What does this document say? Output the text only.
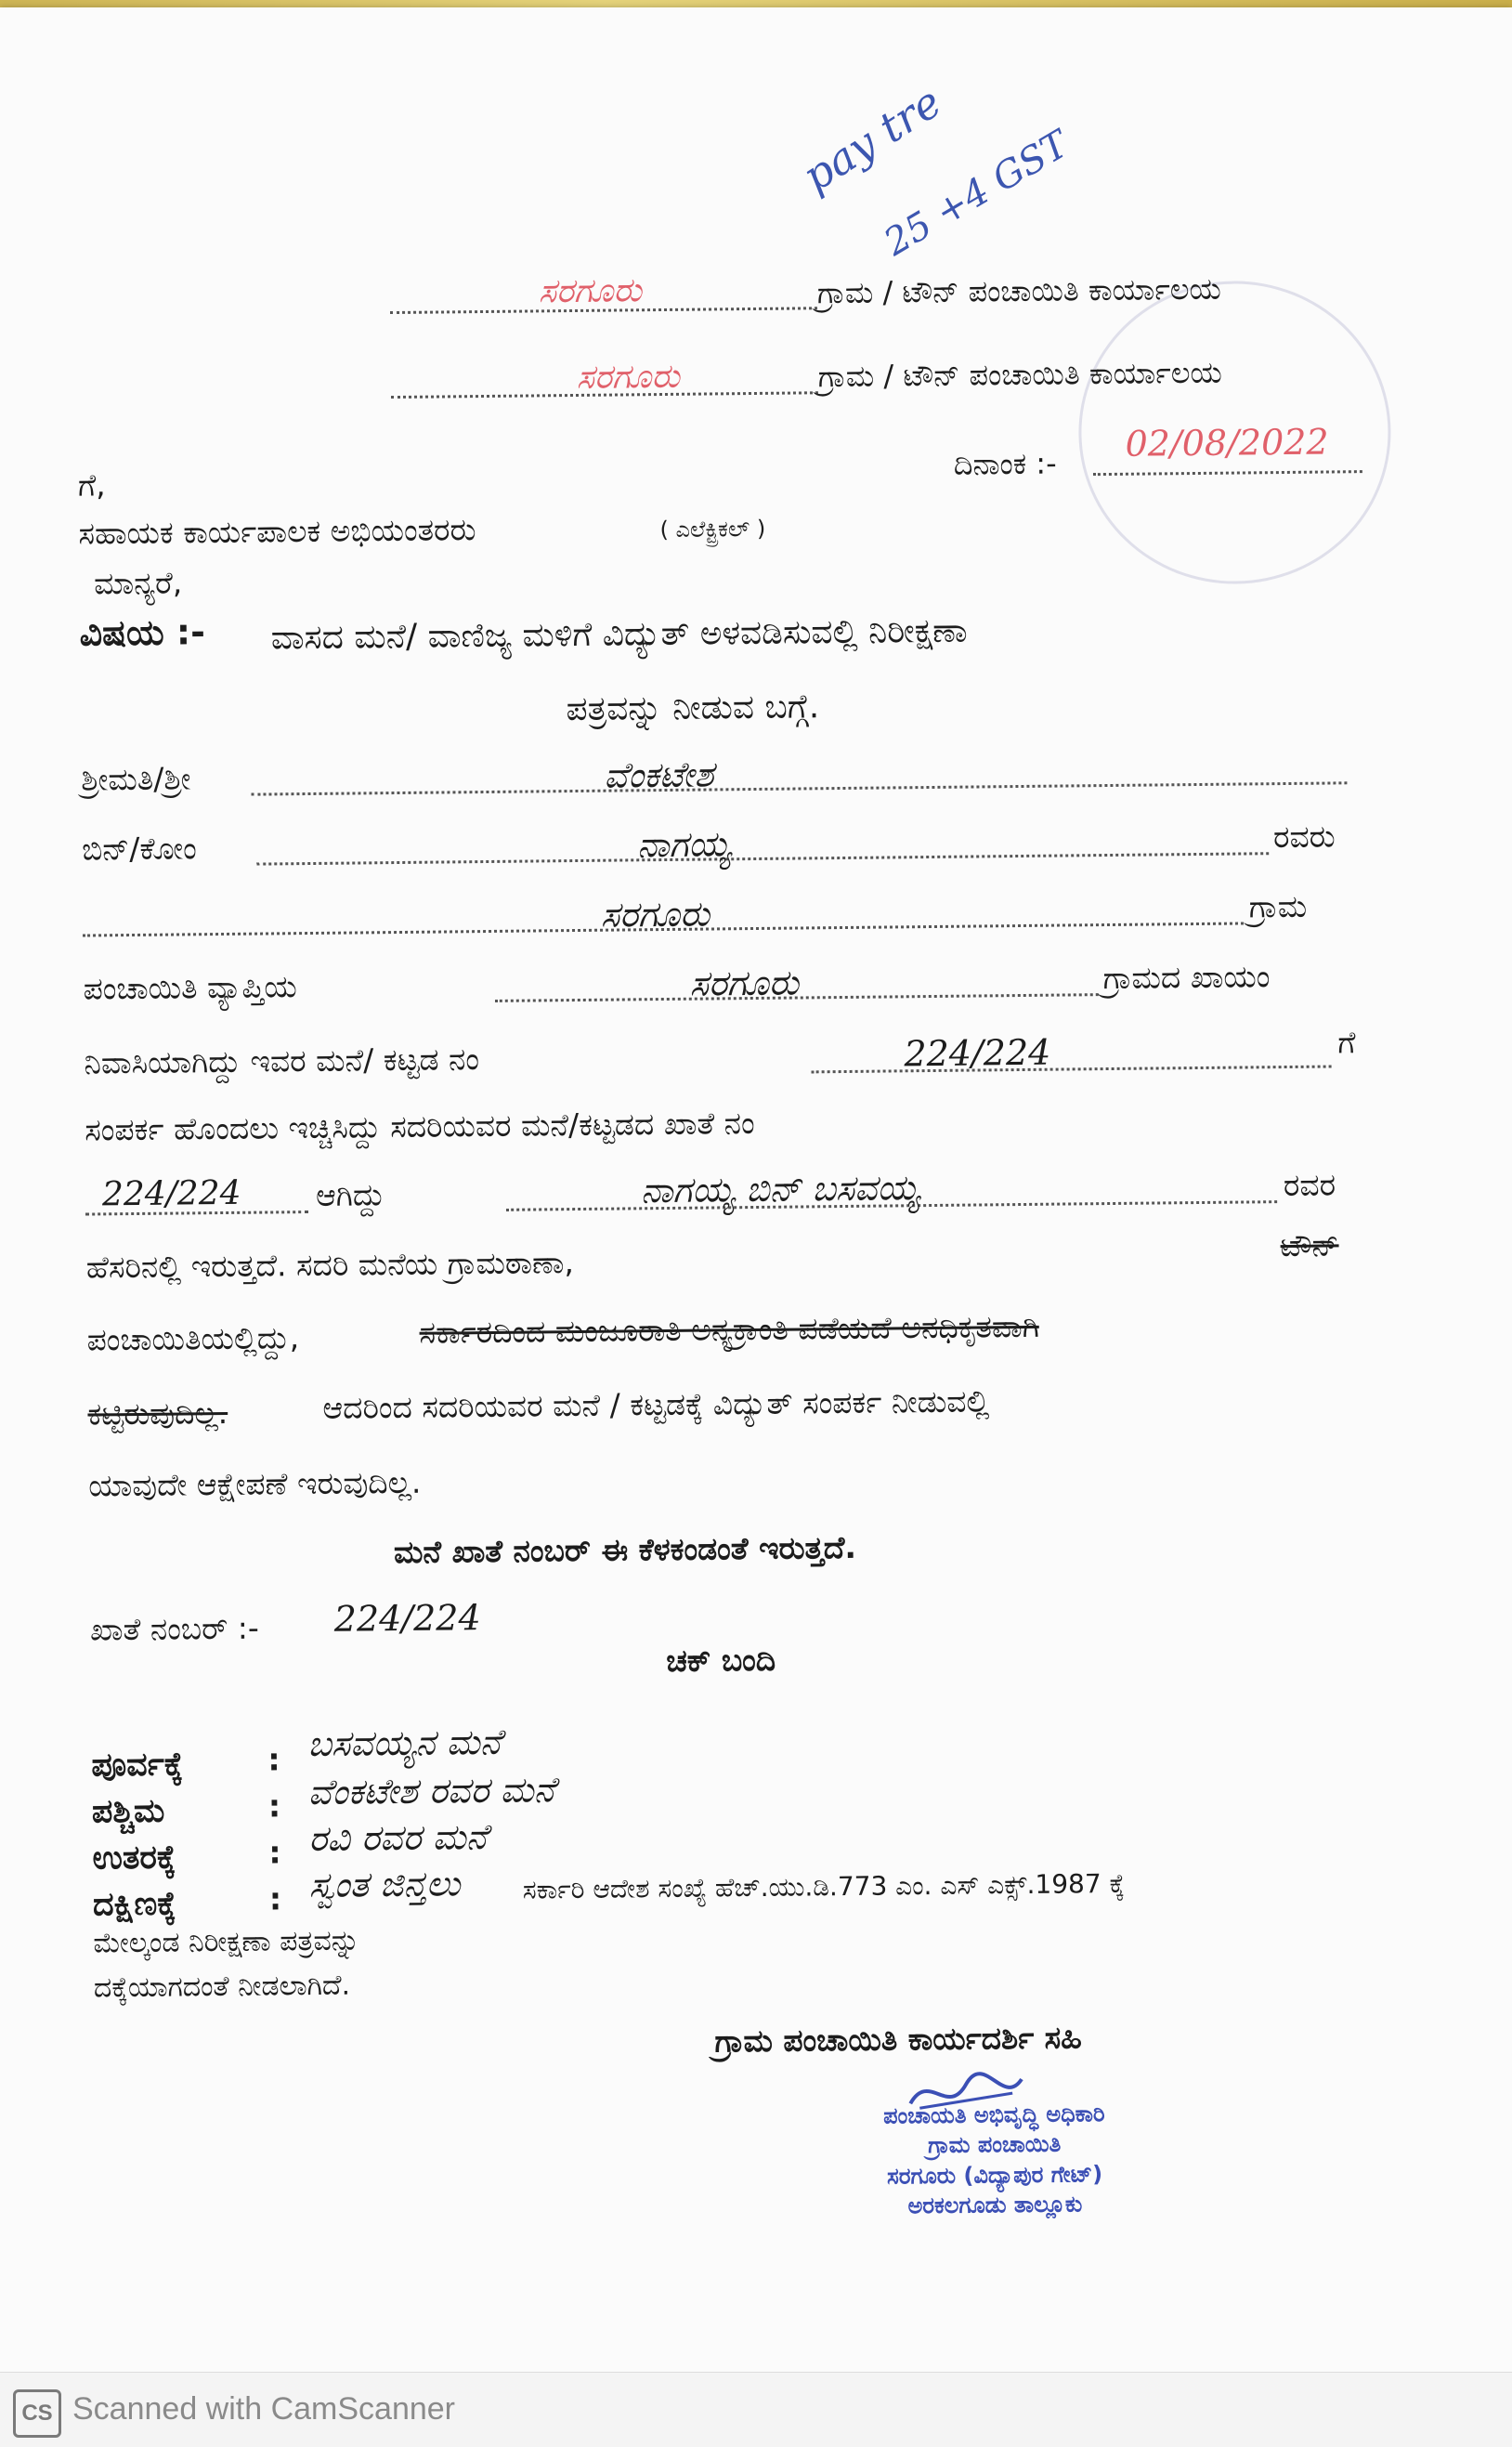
pay tre
25 +4 GST
ಸರಗೂರು	ಗ್ರಾಮ / ಟೌನ್ ಪಂಚಾಯಿತಿ ಕಾರ್ಯಾಲಯ
ಸರಗೂರು	ಗ್ರಾಮ / ಟೌನ್ ಪಂಚಾಯಿತಿ ಕಾರ್ಯಾಲಯ
ದಿನಾಂಕ :- 02/08/2022
ಗೆ,
ಸಹಾಯಕ ಕಾರ್ಯಪಾಲಕ ಅಭಿಯಂತರರು	( ಎಲೆಕ್ಟ್ರಿಕಲ್ )
ಮಾನ್ಯರೆ,
ವಿಷಯ :- ವಾಸದ ಮನೆ/ ವಾಣಿಜ್ಯ ಮಳಿಗೆ ವಿದ್ಯುತ್ ಅಳವಡಿಸುವಲ್ಲಿ ನಿರೀಕ್ಷಣಾ
ಪತ್ರವನ್ನು ನೀಡುವ ಬಗ್ಗೆ.
ಶ್ರೀಮತಿ/ಶ್ರೀ	ವೆಂಕಟೇಶ
ಬಿನ್/ಕೋಂ	ನಾಗಯ್ಯ	ರವರು
ಸರಗೂರು	ಗ್ರಾಮ
ಪಂಚಾಯಿತಿ ವ್ಯಾಪ್ತಿಯ	ಸರಗೂರು	ಗ್ರಾಮದ ಖಾಯಂ
ನಿವಾಸಿಯಾಗಿದ್ದು ಇವರ ಮನೆ/ ಕಟ್ಟಡ ನಂ	224/224	ಗೆ
ಸಂಪರ್ಕ ಹೊಂದಲು ಇಚ್ಚಿಸಿದ್ದು ಸದರಿಯವರ ಮನೆ/ಕಟ್ಟಡದ ಖಾತೆ ನಂ
224/224 ಆಗಿದ್ದು	ನಾಗಯ್ಯ ಬಿನ್ ಬಸವಯ್ಯ	ರವರ
ಹೆಸರಿನಲ್ಲಿ ಇರುತ್ತದೆ. ಸದರಿ ಮನೆಯ ಗ್ರಾಮಠಾಣಾ,	ಟೌನ್
ಪಂಚಾಯಿತಿಯಲ್ಲಿದ್ದು,	ಸರ್ಕಾರದಿಂದ ಮಂಜೂರಾತಿ ಅನ್ಯಕ್ರಾಂತಿ ಪಡೆಯದೆ ಅನಧಿಕೃತವಾಗಿ
ಕಟ್ಟಿರುವುದಿಲ್ಲ.	ಆದರಿಂದ ಸದರಿಯವರ ಮನೆ / ಕಟ್ಟಡಕ್ಕೆ ವಿದ್ಯುತ್ ಸಂಪರ್ಕ ನೀಡುವಲ್ಲಿ
ಯಾವುದೇ ಆಕ್ಷೇಪಣೆ ಇರುವುದಿಲ್ಲ.
ಮನೆ ಖಾತೆ ನಂಬರ್ ಈ ಕೆಳಕಂಡಂತೆ ಇರುತ್ತದೆ.
ಖಾತೆ ನಂಬರ್ :- 224/224
ಚಕ್ ಬಂದಿ
ಪೂರ್ವಕ್ಕೆ	: ಬಸವಯ್ಯನ ಮನೆ
ಪಶ್ಚಿಮ	: ವೆಂಕಟೇಶ ರವರ ಮನೆ
ಉತರಕ್ಕೆ	: ರವಿ ರವರ ಮನೆ
ದಕ್ಷಿಣಕ್ಕೆ	: ಸ್ವಂತ ಜಿನ್ತಲು ಸರ್ಕಾರಿ ಆದೇಶ ಸಂಖ್ಯೆ ಹೆಚ್.ಯು.ಡಿ.773 ಎಂ. ಎಸ್ ಎಕ್ಸ್.1987 ಕ್ಕೆ
ಮೇಲ್ಕಂಡ ನಿರೀಕ್ಷಣಾ ಪತ್ರವನ್ನು
ದಕ್ಕೆಯಾಗದಂತೆ ನೀಡಲಾಗಿದೆ.
ಗ್ರಾಮ ಪಂಚಾಯಿತಿ ಕಾರ್ಯದರ್ಶಿ ಸಹಿ
ಪಂಚಾಯತಿ ಅಭಿವೃದ್ಧಿ ಅಧಿಕಾರಿ
ಗ್ರಾಮ ಪಂಚಾಯಿತಿ
ಸರಗೂರು (ವಿದ್ಯಾಪುರ ಗೇಟ್)
ಅರಕಲಗೂಡು ತಾಲ್ಲೂಕು
CS Scanned with CamScanner
